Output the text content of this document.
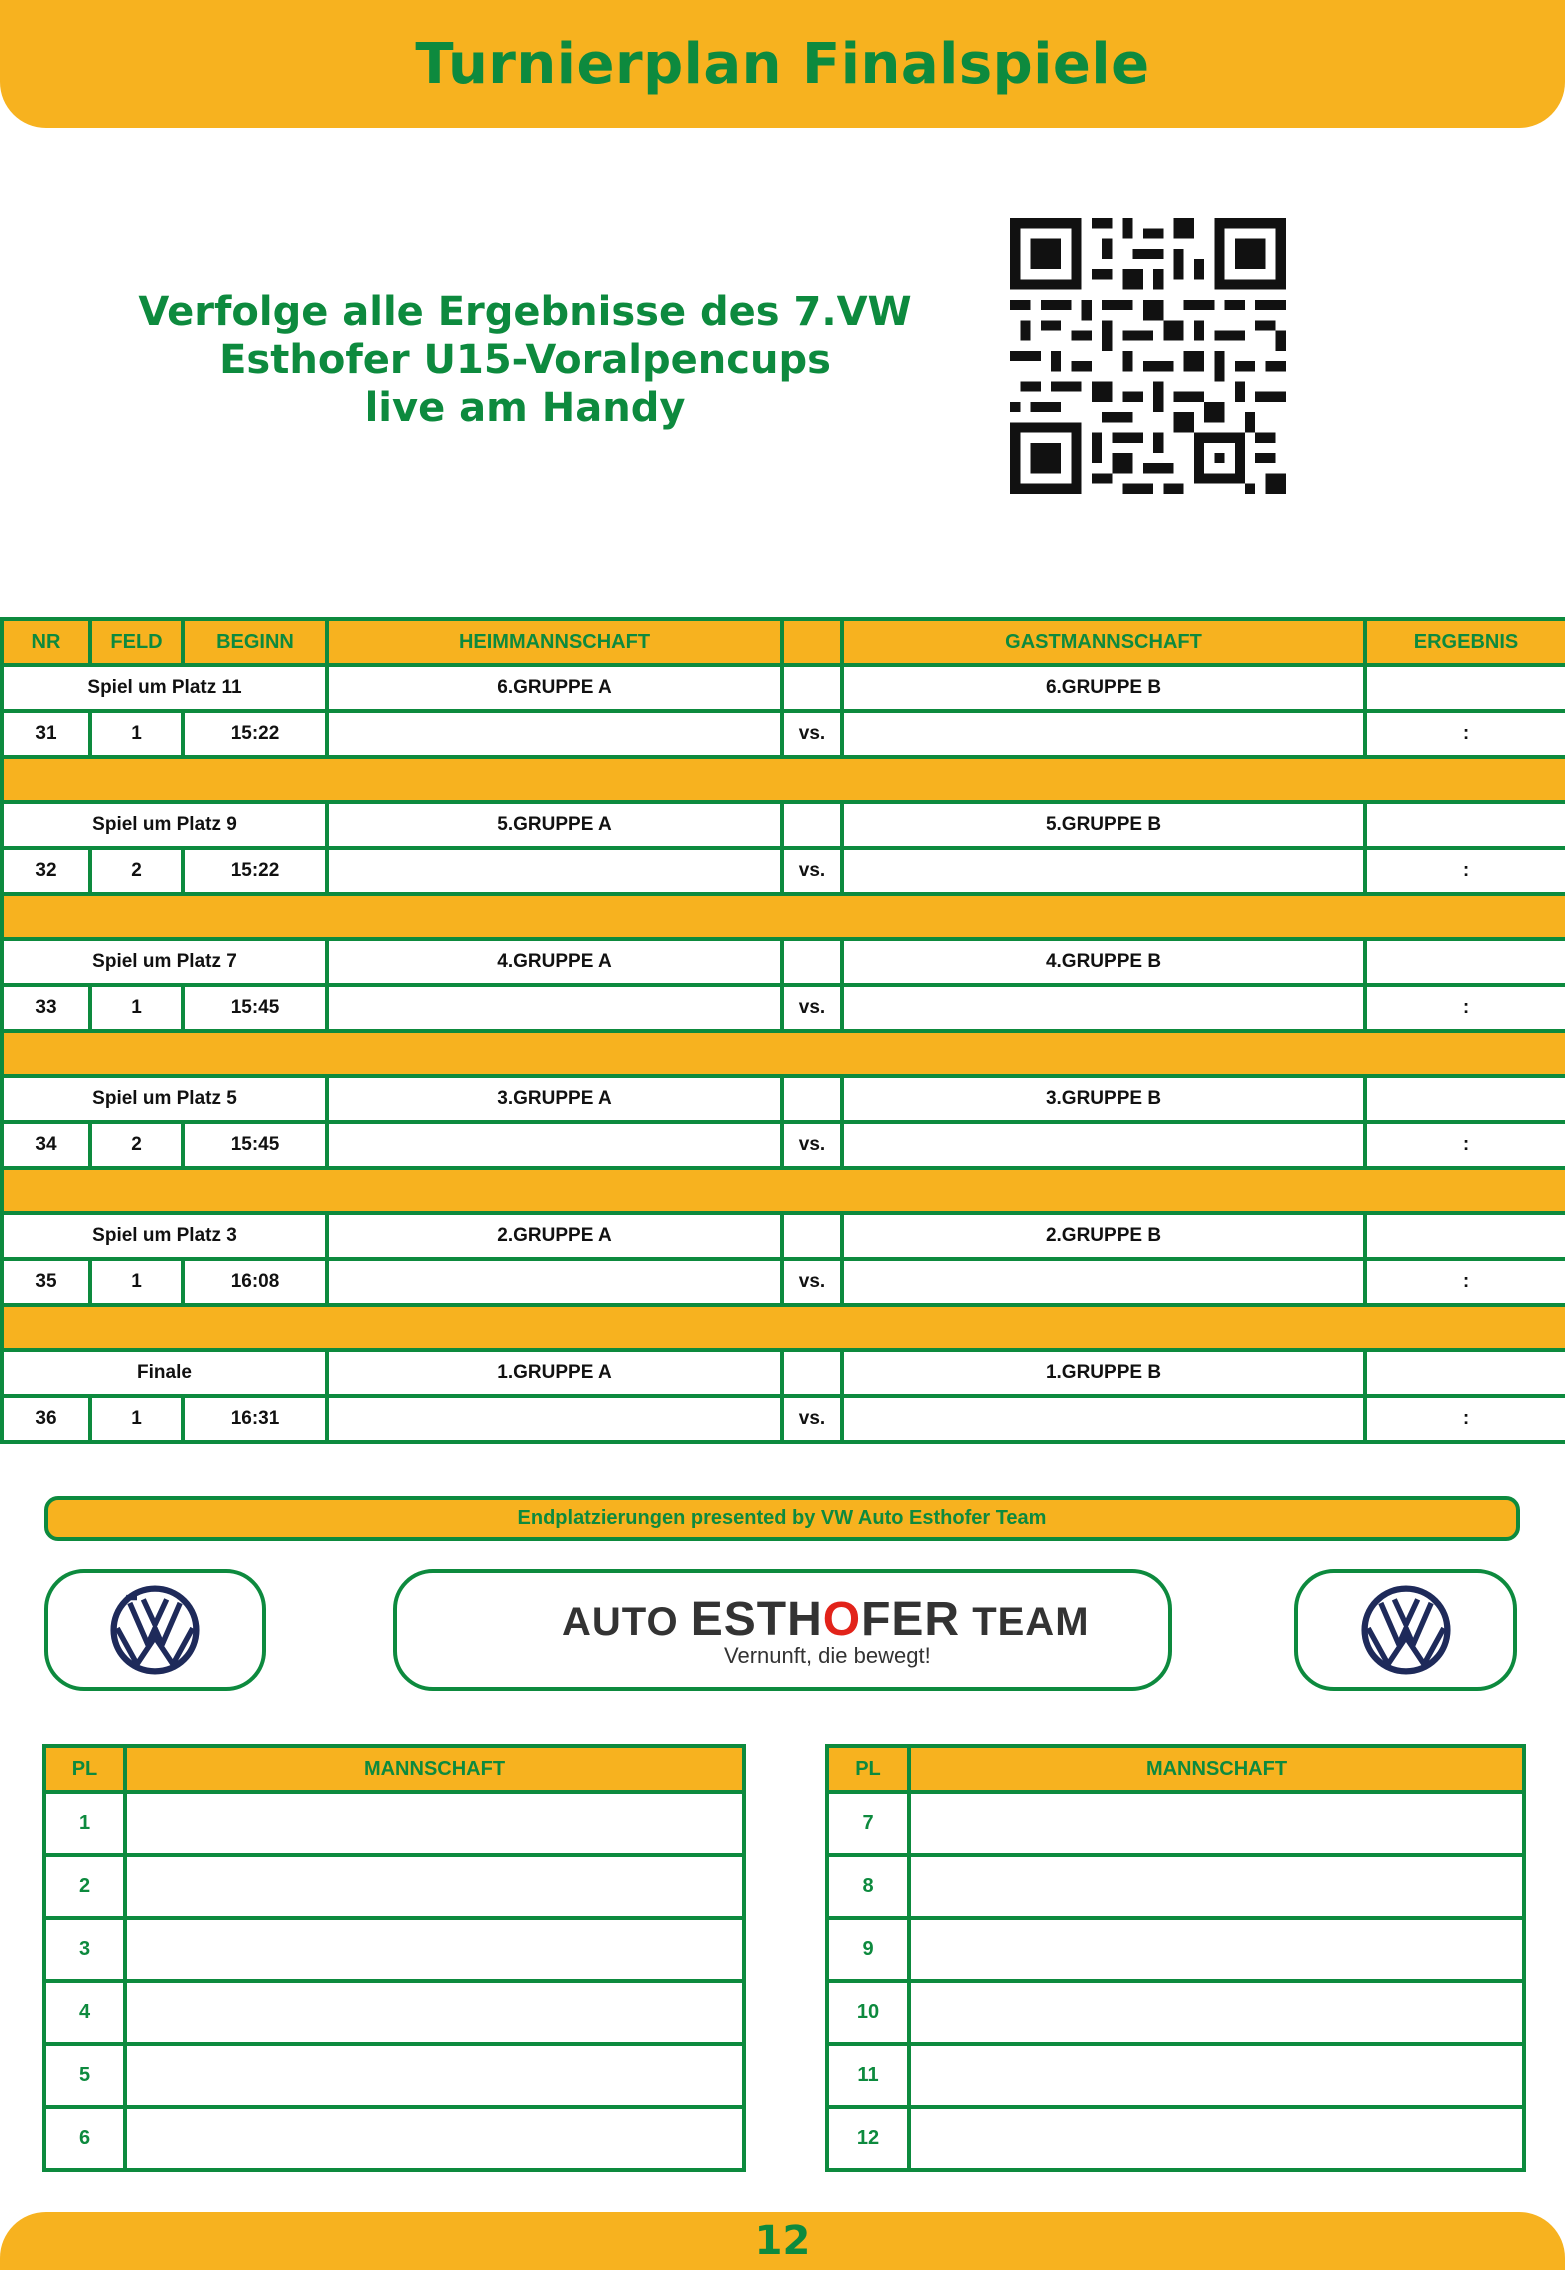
Turnierplan Finalspiele
Verfolge alle Ergebnisse des 7.VW
Esthofer U15-Voralpencups
live am Handy
NR	FELD	BEGINN	HEIMMANNSCHAFT		GASTMANNSCHAFT	ERGEBNIS
Spiel um Platz 11			6.GRUPPE A		6.GRUPPE B	
31	1	15:22		vs.		:

Spiel um Platz 9			5.GRUPPE A		5.GRUPPE B	
32	2	15:22		vs.		:

Spiel um Platz 7			4.GRUPPE A		4.GRUPPE B	
33	1	15:45		vs.		:

Spiel um Platz 5			3.GRUPPE A		3.GRUPPE B	
34	2	15:45		vs.		:

Spiel um Platz 3			2.GRUPPE A		2.GRUPPE B	
35	1	16:08		vs.		:

Finale			1.GRUPPE A		1.GRUPPE B	
36	1	16:31		vs.		:
Endplatzierungen presented by VW Auto Esthofer Team
AUTO ESTHOFER TEAM
Vernunft, die bewegt!
PL	MANNSCHAFT
1	
2	
3	
4	
5	
6	
PL	MANNSCHAFT
7	
8	
9	
10	
11	
12	
12
